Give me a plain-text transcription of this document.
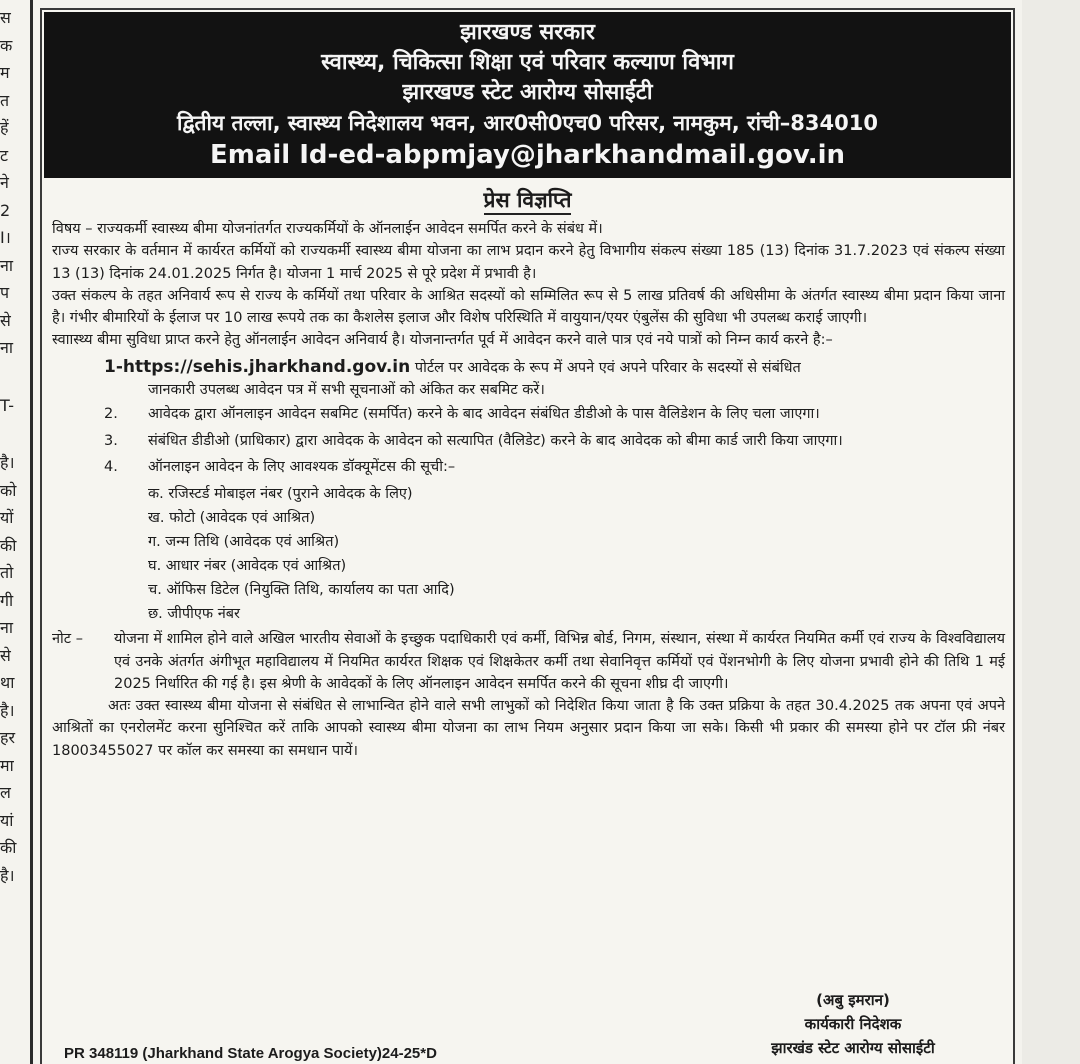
स
क
म
त
हें
ट
ने
2
I।
ना
प
से
ना
T-
है।
को
यों
की
तो
गी
ना
से
था
है।
हर
मा
ल
यां
की
है।
झारखण्ड सरकार
स्वास्थ्य, चिकित्सा शिक्षा एवं परिवार कल्याण विभाग
झारखण्ड स्टेट आरोग्य सोसाईटी
द्वितीय तल्ला, स्वास्थ्य निदेशालय भवन, आर0सी0एच0 परिसर, नामकुम, रांची–834010
Email Id-ed-abpmjay@jharkhandmail.gov.in
प्रेस विज्ञप्ति

विषय – राज्यकर्मी स्वास्थ्य बीमा योजनांतर्गत राज्यकर्मियों के ऑनलाईन आवेदन समर्पित करने के संबंध में।

राज्य सरकार के वर्तमान में कार्यरत कर्मियों को राज्यकर्मी स्वास्थ्य बीमा योजना का लाभ प्रदान करने हेतु विभागीय संकल्प संख्या 185 (13) दिनांक 31.7.2023 एवं संकल्प संख्या 13 (13) दिनांक 24.01.2025 निर्गत है। योजना 1 मार्च 2025 से पूरे प्रदेश में प्रभावी है।

उक्त संकल्प के तहत अनिवार्य रूप से राज्य के कर्मियों तथा परिवार के आश्रित सदस्यों को सम्मिलित रूप से 5 लाख प्रतिवर्ष की अधिसीमा के अंतर्गत स्वास्थ्य बीमा प्रदान किया जाना है। गंभीर बीमारियों के ईलाज पर 10 लाख रूपये तक का कैशलेस इलाज और विशेष परिस्थिति में वायुयान/एयर एंबुलेंस की सुविधा भी उपलब्ध कराई जाएगी।

स्वाास्थ्य बीमा सुविधा प्राप्त करने हेतु ऑनलाईन आवेदन अनिवार्य है। योजनान्तर्गत पूर्व में आवेदन करने वाले पात्र एवं नये पात्रों को निम्न कार्य करने है:–

1-https://sehis.jharkhand.gov.in पोर्टल पर आवेदक के रूप में अपने एवं अपने परिवार के सदस्यों से संबंधित
जानकारी उपलब्ध आवेदन पत्र में सभी सूचनाओं को अंकित कर सबमिट करें।
2.	आवेदक द्वारा ऑनलाइन आवेदन सबमिट (समर्पित) करने के बाद आवेदन संबंधित डीडीओ के पास वैलिडेशन के लिए चला जाएगा।
3.	संबंधित डीडीओ (प्राधिकार) द्वारा आवेदक के आवेदन को सत्यापित (वैलिडेट) करने के बाद आवेदक को बीमा कार्ड जारी किया जाएगा।
4.	ऑनलाइन आवेदन के लिए आवश्यक डॉक्यूमेंटस की सूची:–
क. रजिस्टर्ड मोबाइल नंबर (पुराने आवेदक के लिए)
ख. फोटो (आवेदक एवं आश्रित)
ग. जन्म तिथि (आवेदक एवं आश्रित)
घ. आधार नंबर (आवेदक एवं आश्रित)
च. ऑफिस डिटेल (नियुक्ति तिथि, कार्यालय का पता आदि)
छ. जीपीएफ नंबर
नोट –	योजना में शामिल होने वाले अखिल भारतीय सेवाओं के इच्छुक पदाधिकारी एवं कर्मी, विभिन्न बोर्ड, निगम, संस्थान, संस्था में कार्यरत नियमित कर्मी एवं राज्य के विश्वविद्यालय एवं उनके अंतर्गत अंगीभूत महाविद्यालय में नियमित कार्यरत शिक्षक एवं शिक्षकेतर कर्मी तथा सेवानिवृत्त कर्मियों एवं पेंशनभोगी के लिए योजना प्रभावी होने की तिथि 1 मई 2025 निर्धारित की गई है। इस श्रेणी के आवेदकों के लिए ऑनलाइन आवेदन समर्पित करने की सूचना शीघ्र दी जाएगी।

अतः उक्त स्वास्थ्य बीमा योजना से संबंधित से लाभान्वित होने वाले सभी लाभुकों को निदेशित किया जाता है कि उक्त प्रक्रिया के तहत 30.4.2025 तक अपना एवं अपने आश्रितों का एनरोलमेंट करना सुनिश्चित करें ताकि आपको स्वास्थ्य बीमा योजना का लाभ नियम अनुसार प्रदान किया जा सके। किसी भी प्रकार की समस्या होने पर टॉल फ्री नंबर 18003455027 पर कॉल कर समस्या का समधान पायें।

(अबु इमरान)
कार्यकारी निदेशक
झारखंड स्टेट आरोग्य सोसाईटी
PR 348119 (Jharkhand State Arogya Society)24-25*D
